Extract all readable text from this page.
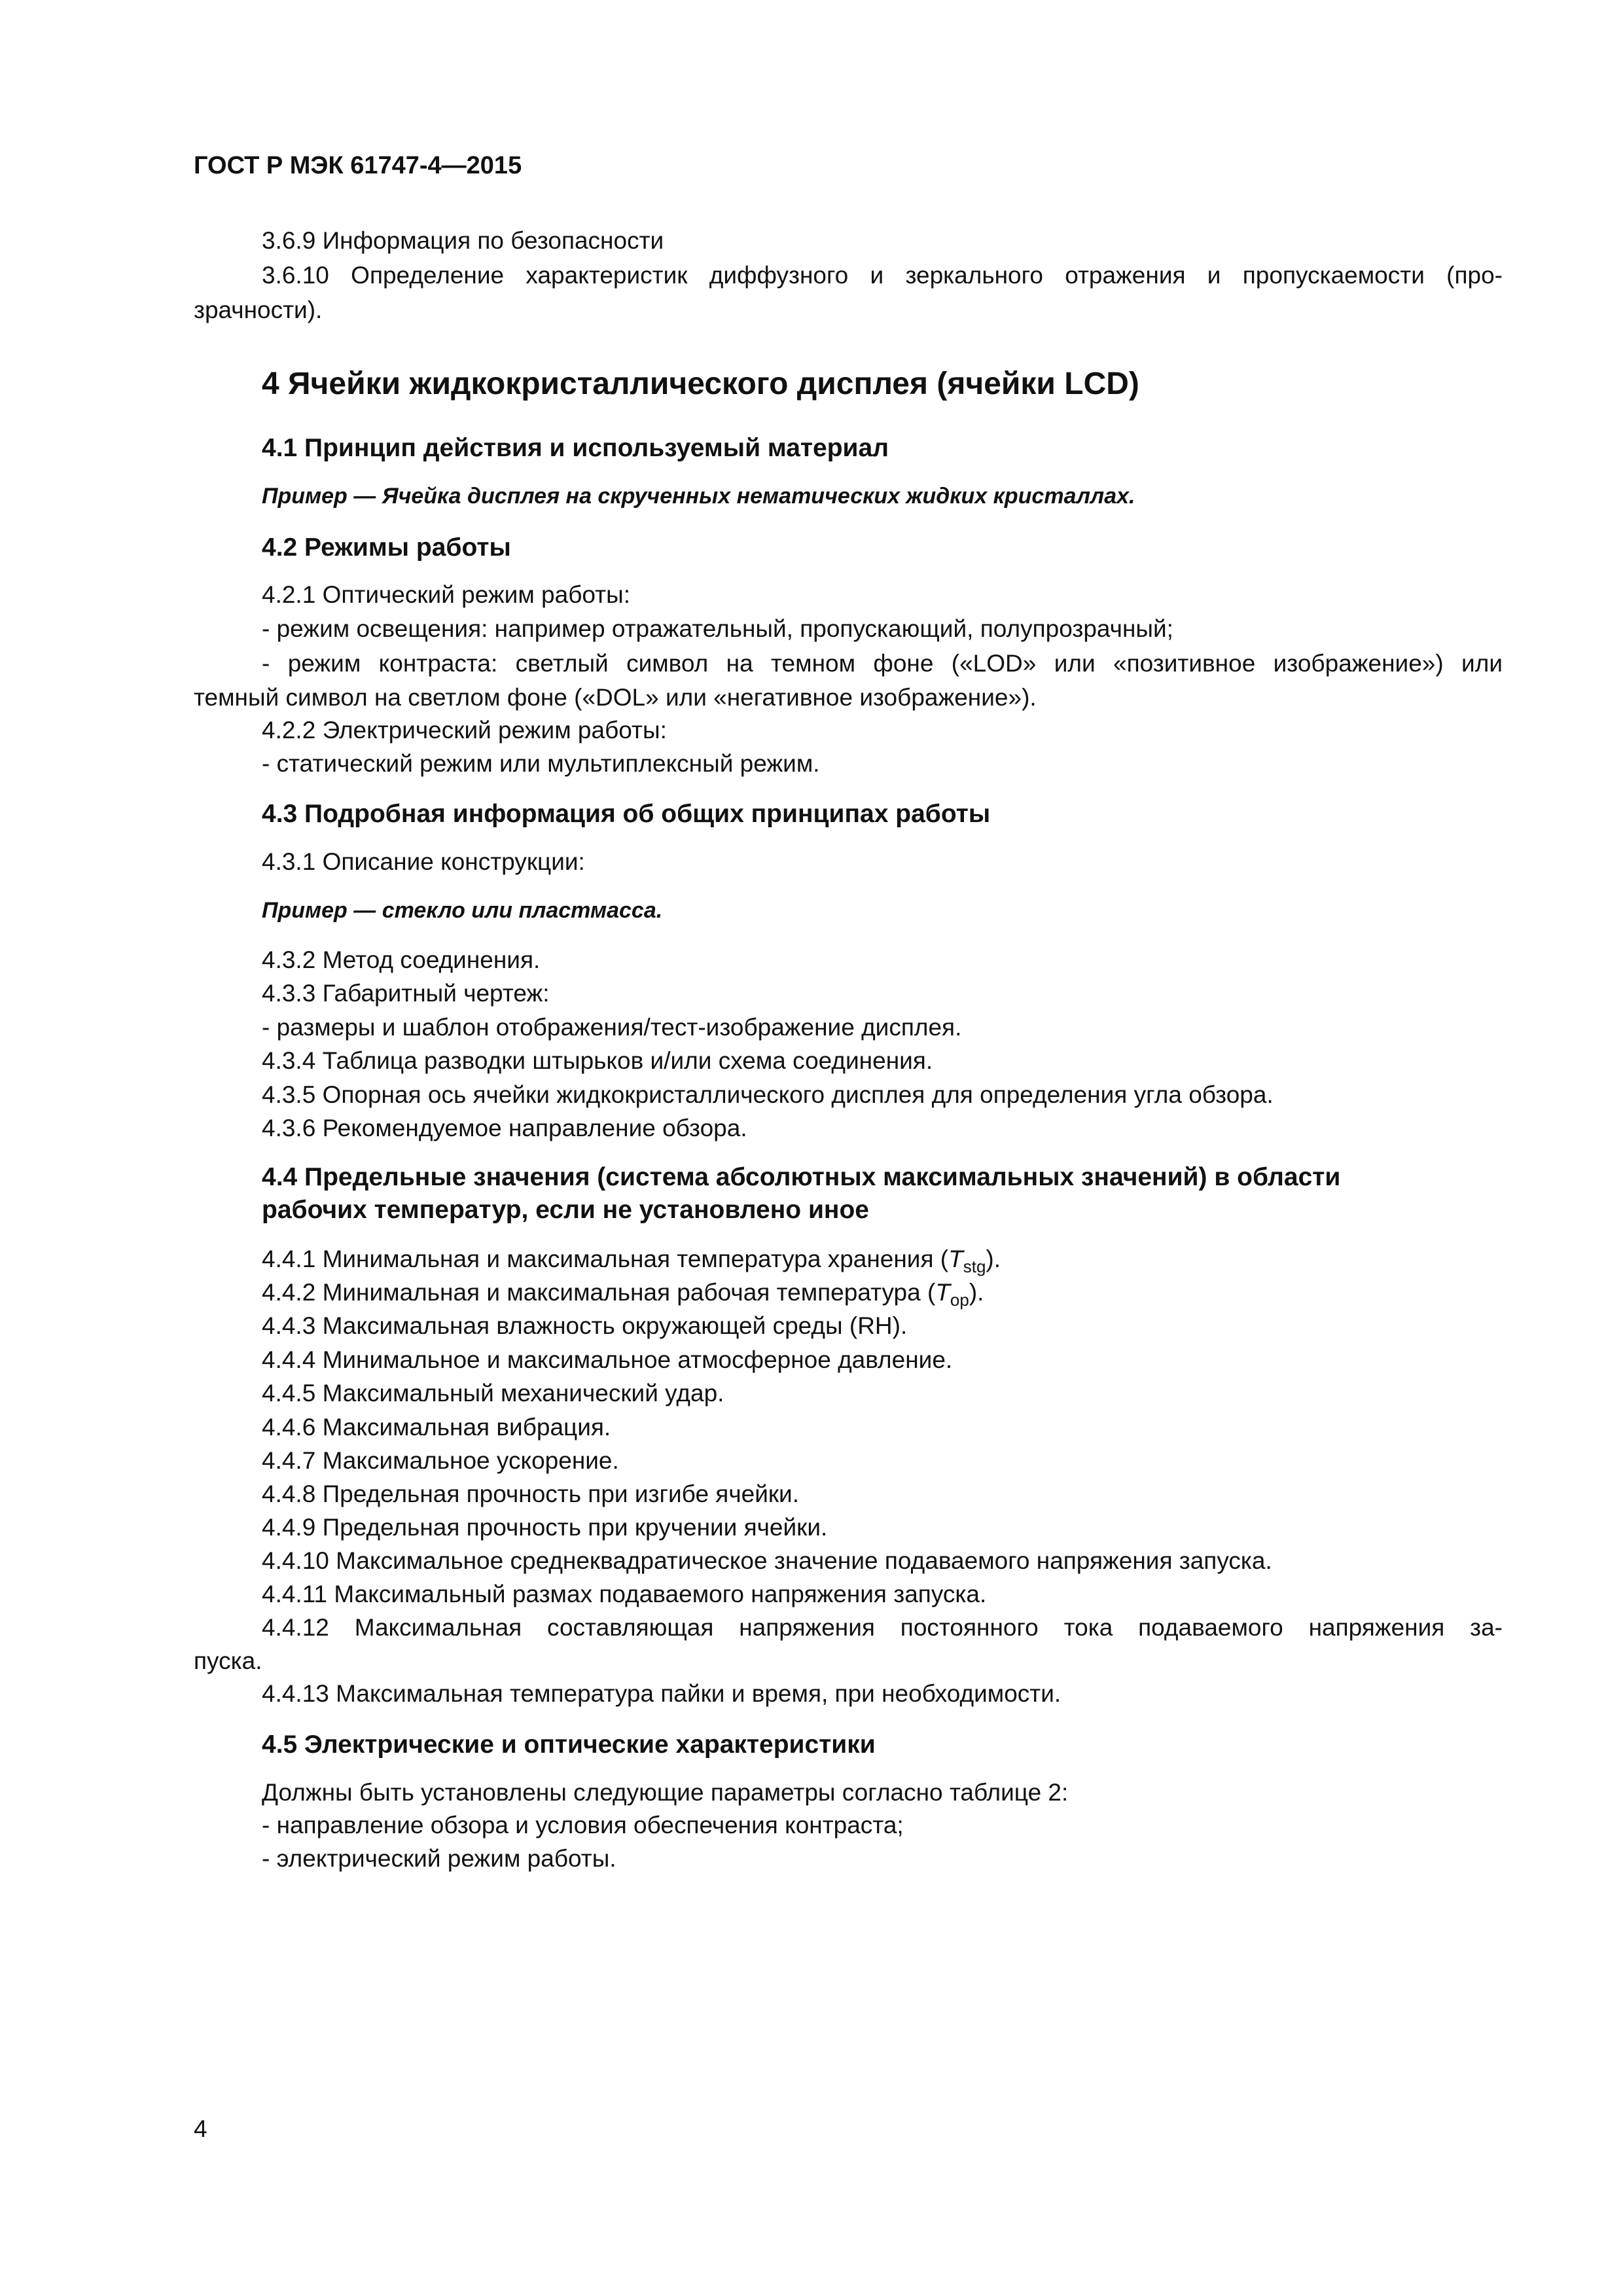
ГОСТ Р МЭК 61747-4—2015
3.6.9 Информация по безопасности
3.6.10 Определение характеристик диффузного и зеркального отражения и пропускаемости (про-
зрачности).
4 Ячейки жидкокристаллического дисплея (ячейки LCD)
4.1 Принцип действия и используемый материал
Пример — Ячейка дисплея на скрученных нематических жидких кристаллах.
4.2 Режимы работы
4.2.1 Оптический режим работы:
- режим освещения: например отражательный, пропускающий, полупрозрачный;
- режим контраста: светлый символ на темном фоне («LOD» или «позитивное изображение») или
темный символ на светлом фоне («DOL» или «негативное изображение»).
4.2.2 Электрический режим работы:
- статический режим или мультиплексный режим.
4.3 Подробная информация об общих принципах работы
4.3.1 Описание конструкции:
Пример — стекло или пластмасса.
4.3.2 Метод соединения.
4.3.3 Габаритный чертеж:
- размеры и шаблон отображения/тест-изображение дисплея.
4.3.4 Таблица разводки штырьков и/или схема соединения.
4.3.5 Опорная ось ячейки жидкокристаллического дисплея для определения угла обзора.
4.3.6 Рекомендуемое направление обзора.
4.4 Предельные значения (система абсолютных максимальных значений) в области
рабочих температур, если не установлено иное
4.4.1 Минимальная и максимальная температура хранения $(T_{stg})$.
4.4.2 Минимальная и максимальная рабочая температура $(T_{op})$.
4.4.3 Максимальная влажность окружающей среды (RH).
4.4.4 Минимальное и максимальное атмосферное давление.
4.4.5 Максимальный механический удар.
4.4.6 Максимальная вибрация.
4.4.7 Максимальное ускорение.
4.4.8 Предельная прочность при изгибе ячейки.
4.4.9 Предельная прочность при кручении ячейки.
4.4.10 Максимальное среднеквадратическое значение подаваемого напряжения запуска.
4.4.11 Максимальный размах подаваемого напряжения запуска.
4.4.12 Максимальная составляющая напряжения постоянного тока подаваемого напряжения за-
пуска.
4.4.13 Максимальная температура пайки и время, при необходимости.
4.5 Электрические и оптические характеристики
Должны быть установлены следующие параметры согласно таблице 2:
- направление обзора и условия обеспечения контраста;
- электрический режим работы.
4
